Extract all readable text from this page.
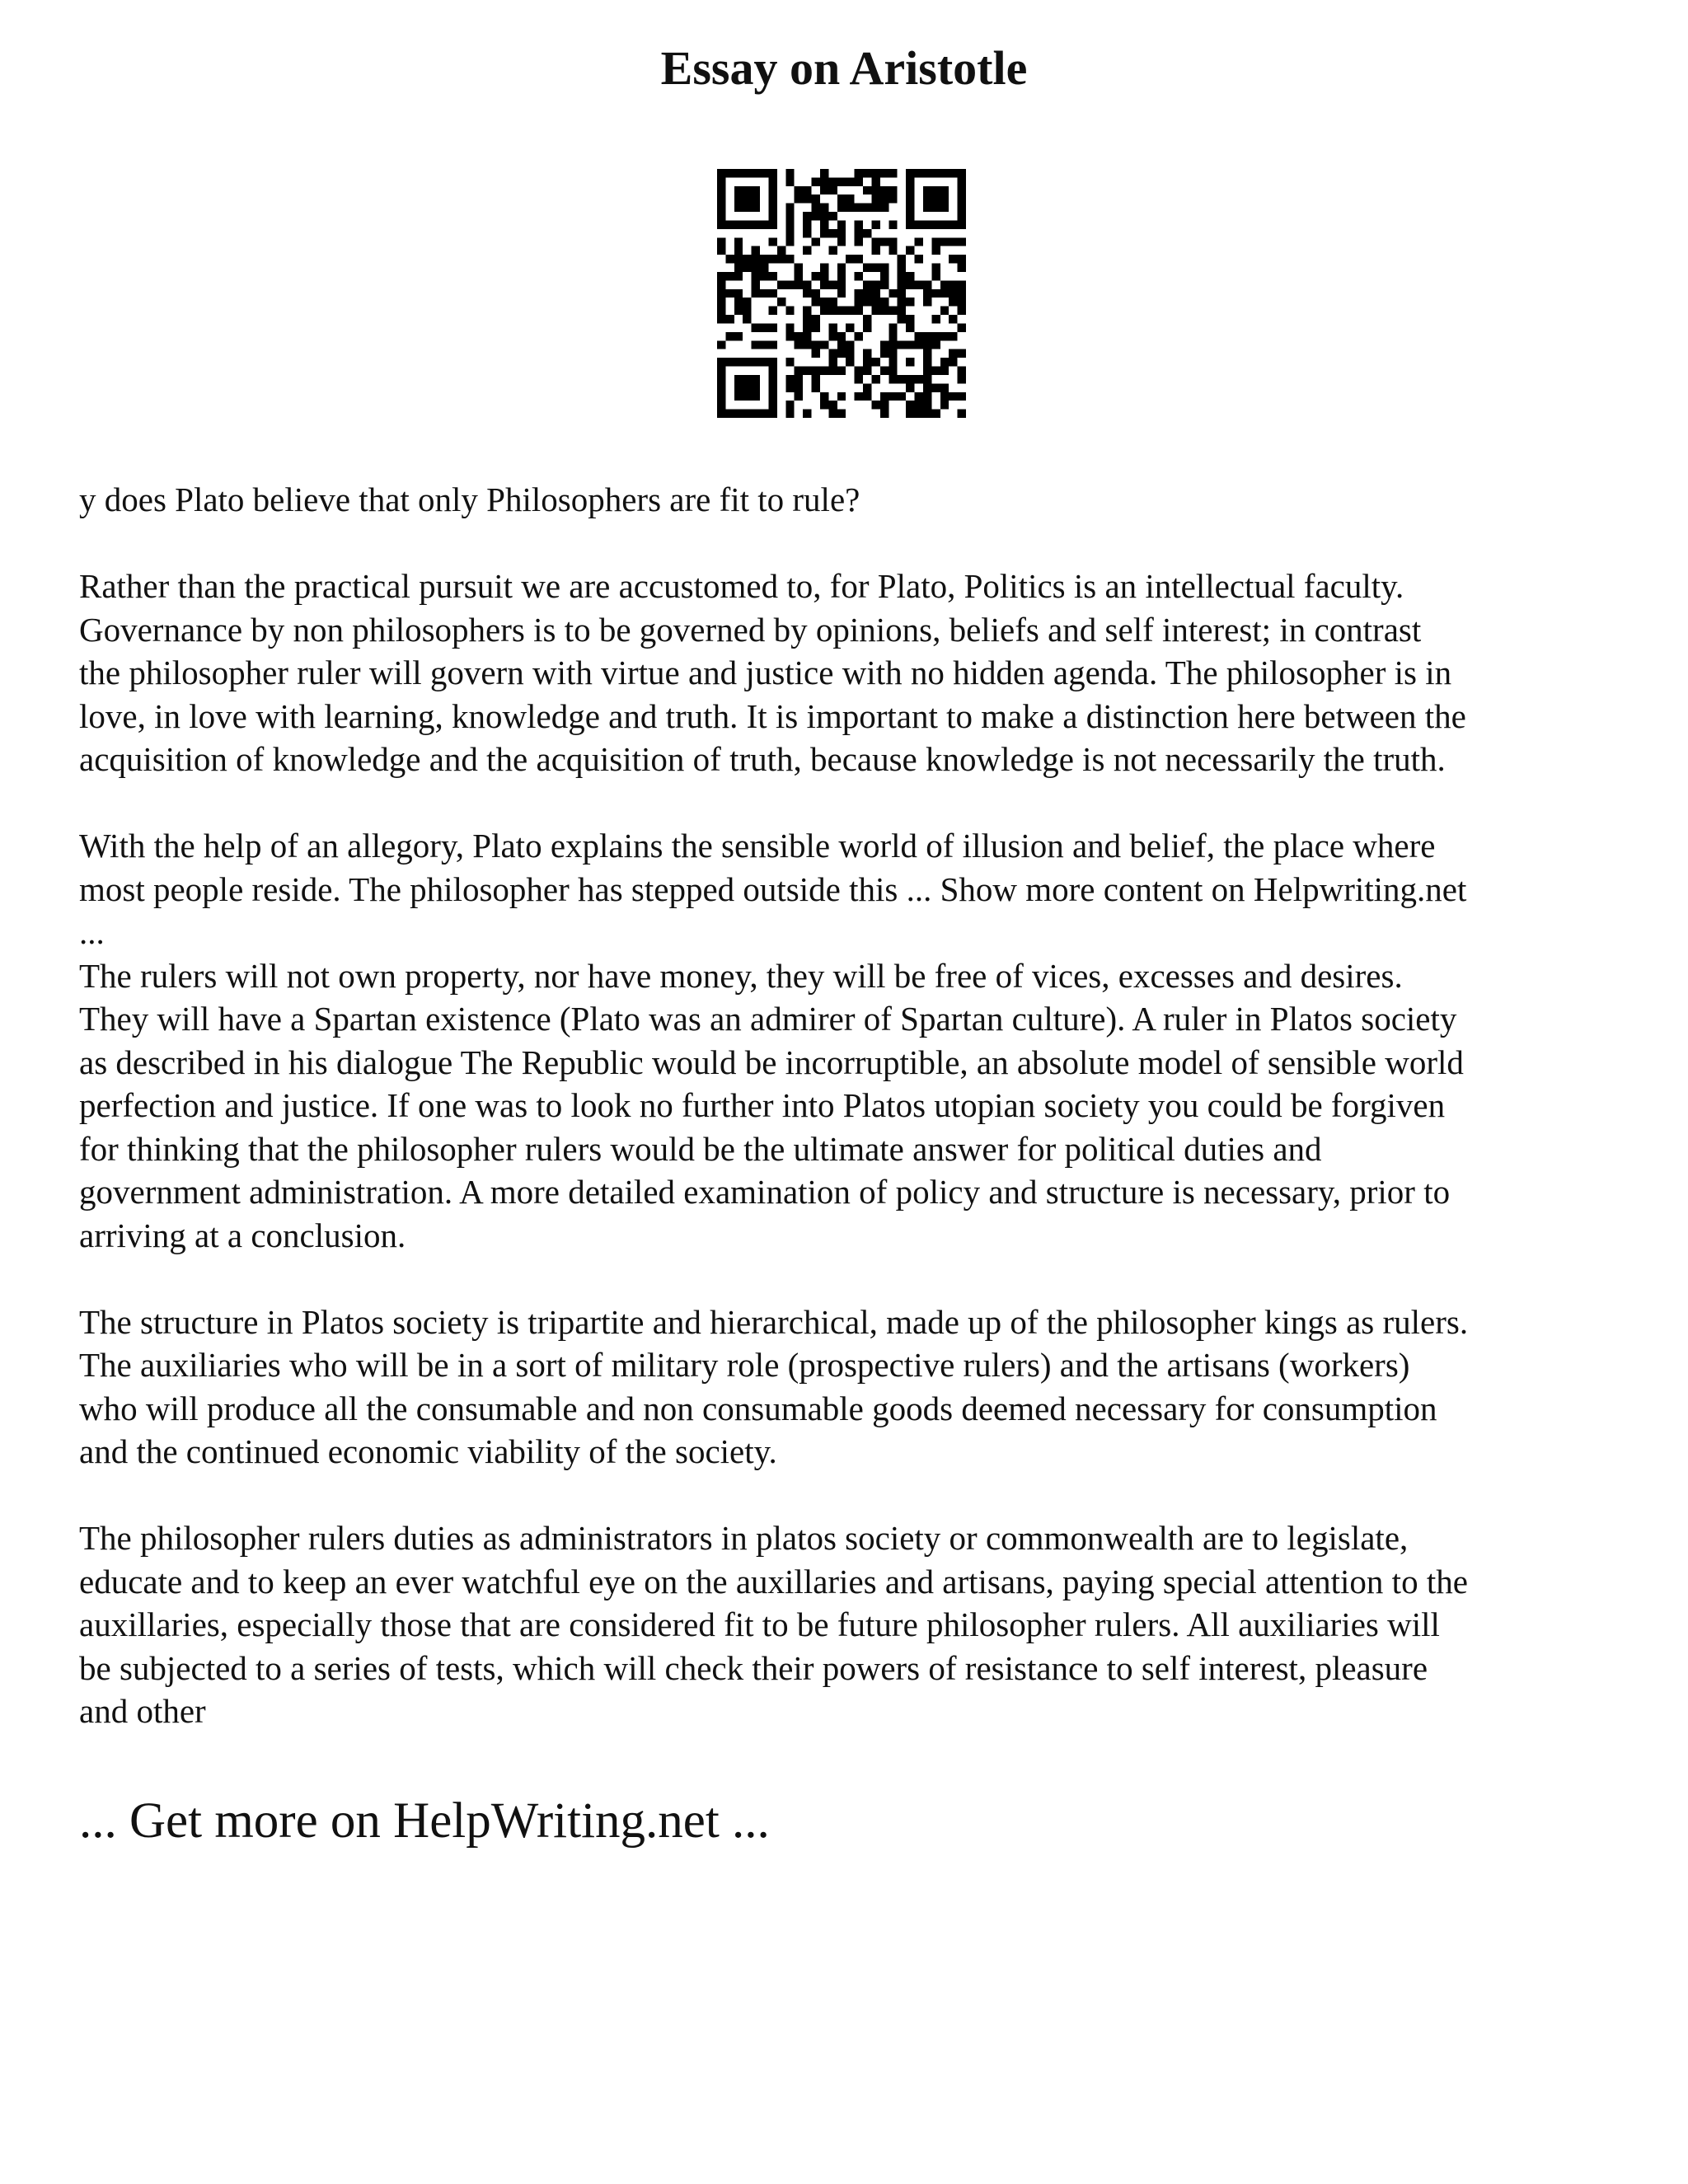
Essay on Aristotle

y does Plato believe that only Philosophers are fit to rule?

Rather than the practical pursuit we are accustomed to, for Plato, Politics is an intellectual faculty.
Governance by non philosophers is to be governed by opinions, beliefs and self interest; in contrast
the philosopher ruler will govern with virtue and justice with no hidden agenda. The philosopher is in
love, in love with learning, knowledge and truth. It is important to make a distinction here between the
acquisition of knowledge and the acquisition of truth, because knowledge is not necessarily the truth.

With the help of an allegory, Plato explains the sensible world of illusion and belief, the place where
most people reside. The philosopher has stepped outside this ... Show more content on Helpwriting.net
...

The rulers will not own property, nor have money, they will be free of vices, excesses and desires.
They will have a Spartan existence (Plato was an admirer of Spartan culture). A ruler in Platos society
as described in his dialogue The Republic would be incorruptible, an absolute model of sensible world
perfection and justice. If one was to look no further into Platos utopian society you could be forgiven
for thinking that the philosopher rulers would be the ultimate answer for political duties and
government administration. A more detailed examination of policy and structure is necessary, prior to
arriving at a conclusion.

The structure in Platos society is tripartite and hierarchical, made up of the philosopher kings as rulers.
The auxiliaries who will be in a sort of military role (prospective rulers) and the artisans (workers)
who will produce all the consumable and non consumable goods deemed necessary for consumption
and the continued economic viability of the society.

The philosopher rulers duties as administrators in platos society or commonwealth are to legislate,
educate and to keep an ever watchful eye on the auxillaries and artisans, paying special attention to the
auxillaries, especially those that are considered fit to be future philosopher rulers. All auxiliaries will
be subjected to a series of tests, which will check their powers of resistance to self interest, pleasure
and other

... Get more on HelpWriting.net ...
